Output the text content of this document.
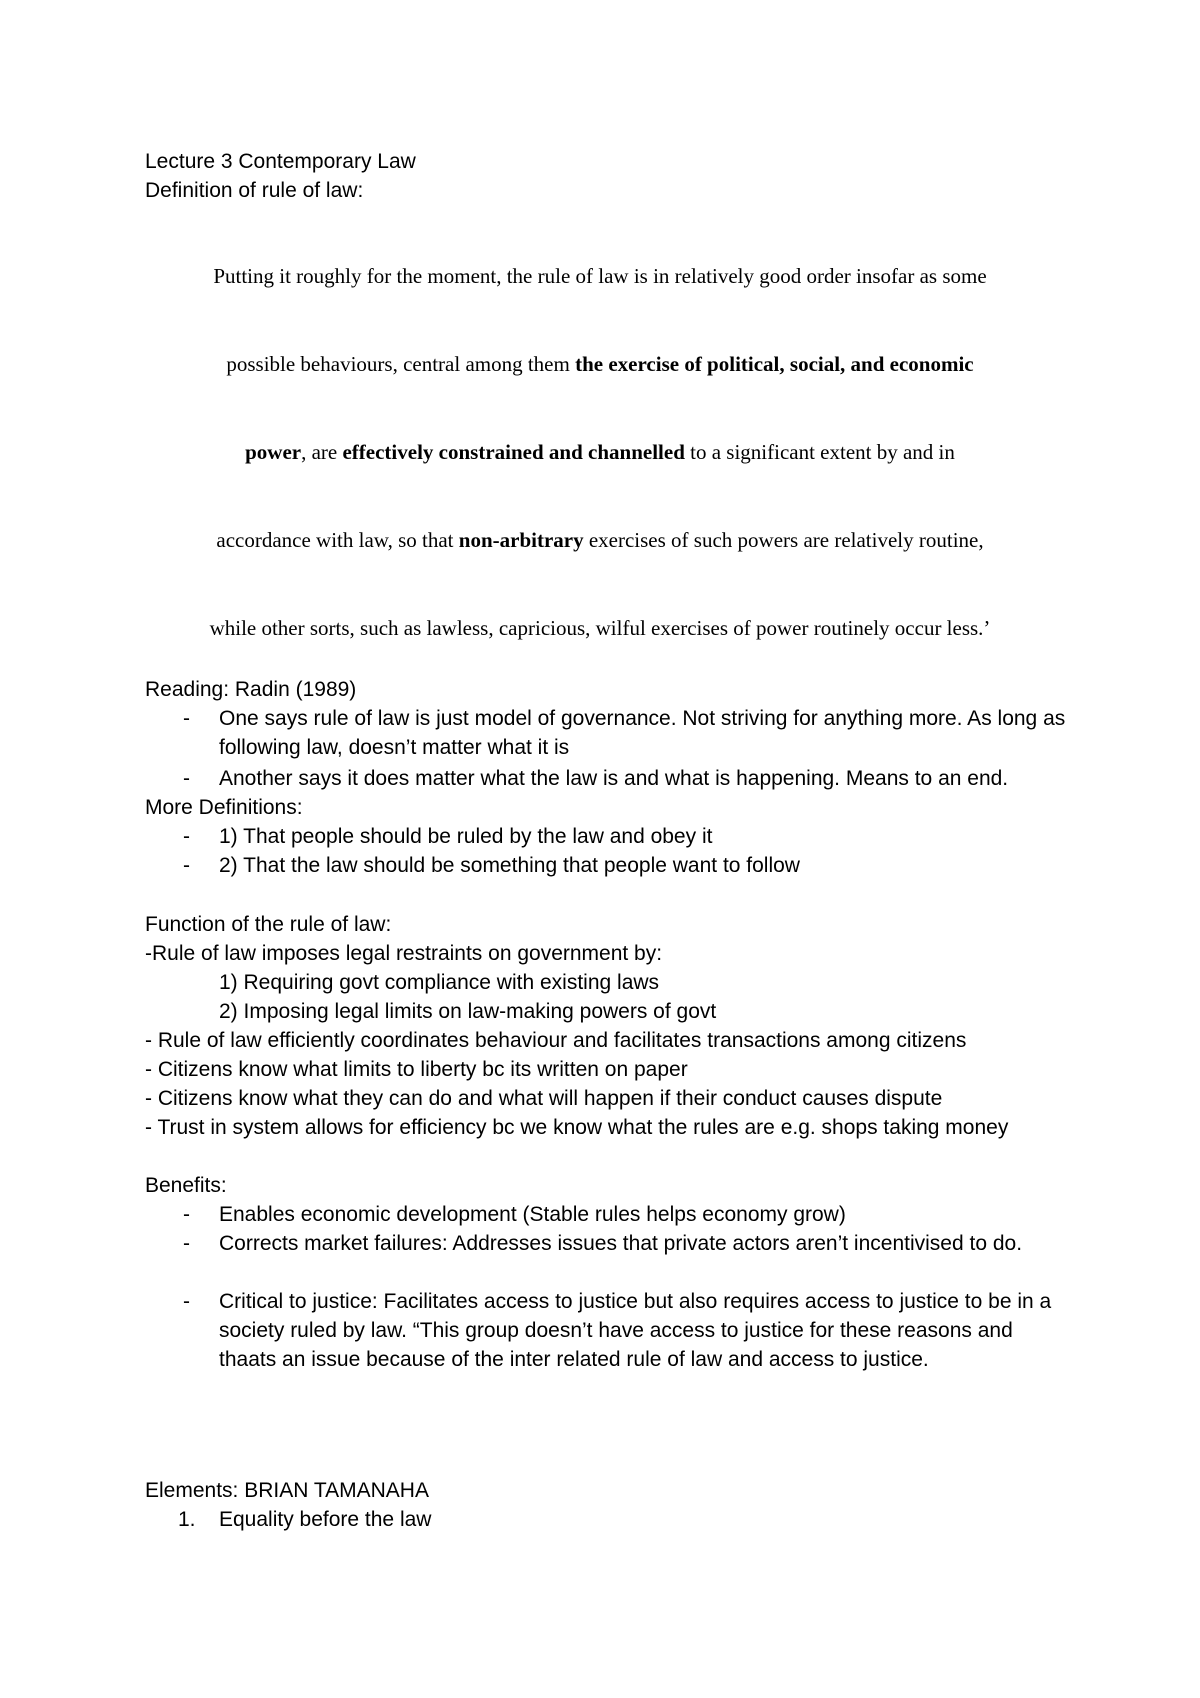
Lecture 3 Contemporary Law
Definition of rule of law:
Putting it roughly for the moment, the rule of law is in relatively good order insofar as some
possible behaviours, central among them the exercise of political, social, and economic
power, are effectively constrained and channelled to a significant extent by and in
accordance with law, so that non-arbitrary exercises of such powers are relatively routine,
while other sorts, such as lawless, capricious, wilful exercises of power routinely occur less.’
Reading: Radin (1989)
- One says rule of law is just model of governance. Not striving for anything more. As long as following law, doesn’t matter what it is
- Another says it does matter what the law is and what is happening. Means to an end.
More Definitions:
- 1) That people should be ruled by the law and obey it
- 2) That the law should be something that people want to follow
Function of the rule of law:
-Rule of law imposes legal restraints on government by:
1) Requiring govt compliance with existing laws
2) Imposing legal limits on law-making powers of govt
- Rule of law efficiently coordinates behaviour and facilitates transactions among citizens
- Citizens know what limits to liberty bc its written on paper
- Citizens know what they can do and what will happen if their conduct causes dispute
- Trust in system allows for efficiency bc we know what the rules are e.g. shops taking money
Benefits:
- Enables economic development (Stable rules helps economy grow)
- Corrects market failures: Addresses issues that private actors aren’t incentivised to do.
- Critical to justice: Facilitates access to justice but also requires access to justice to be in a society ruled by law. “This group doesn’t have access to justice for these reasons and thaats an issue because of the inter related rule of law and access to justice.
Elements: BRIAN TAMANAHA
1. Equality before the law
